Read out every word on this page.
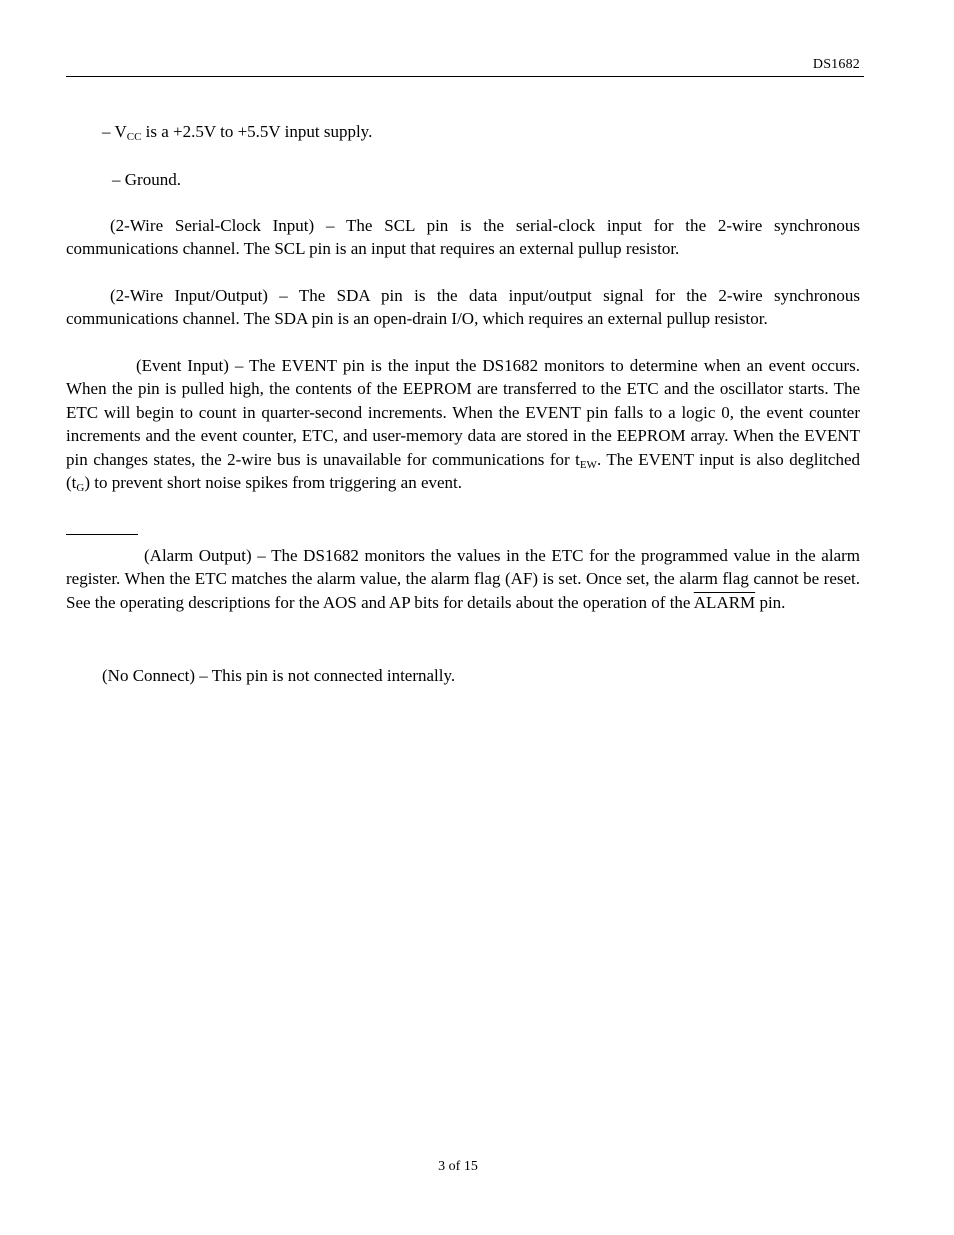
DS1682

– $V_{CC}$ is a +2.5V to +5.5V input supply.

– Ground.

(2-Wire Serial-Clock Input) – The SCL pin is the serial-clock input for the 2-wire synchronous communications channel. The SCL pin is an input that requires an external pullup resistor.

(2-Wire Input/Output) – The SDA pin is the data input/output signal for the 2-wire synchronous communications channel. The SDA pin is an open-drain I/O, which requires an external pullup resistor.

(Event Input) – The EVENT pin is the input the DS1682 monitors to determine when an event occurs. When the pin is pulled high, the contents of the EEPROM are transferred to the ETC and the oscillator starts. The ETC will begin to count in quarter-second increments. When the EVENT pin falls to a logic 0, the event counter increments and the event counter, ETC, and user-memory data are stored in the EEPROM array. When the EVENT pin changes states, the 2-wire bus is unavailable for communications for $t_{EW}$. The EVENT input is also deglitched $(t_G)$ to prevent short noise spikes from triggering an event.

(Alarm Output) – The DS1682 monitors the values in the ETC for the programmed value in the alarm register. When the ETC matches the alarm value, the alarm flag (AF) is set. Once set, the alarm flag cannot be reset. See the operating descriptions for the AOS and AP bits for details about the operation of the ALARM pin.

(No Connect) – This pin is not connected internally.

3 of 15
